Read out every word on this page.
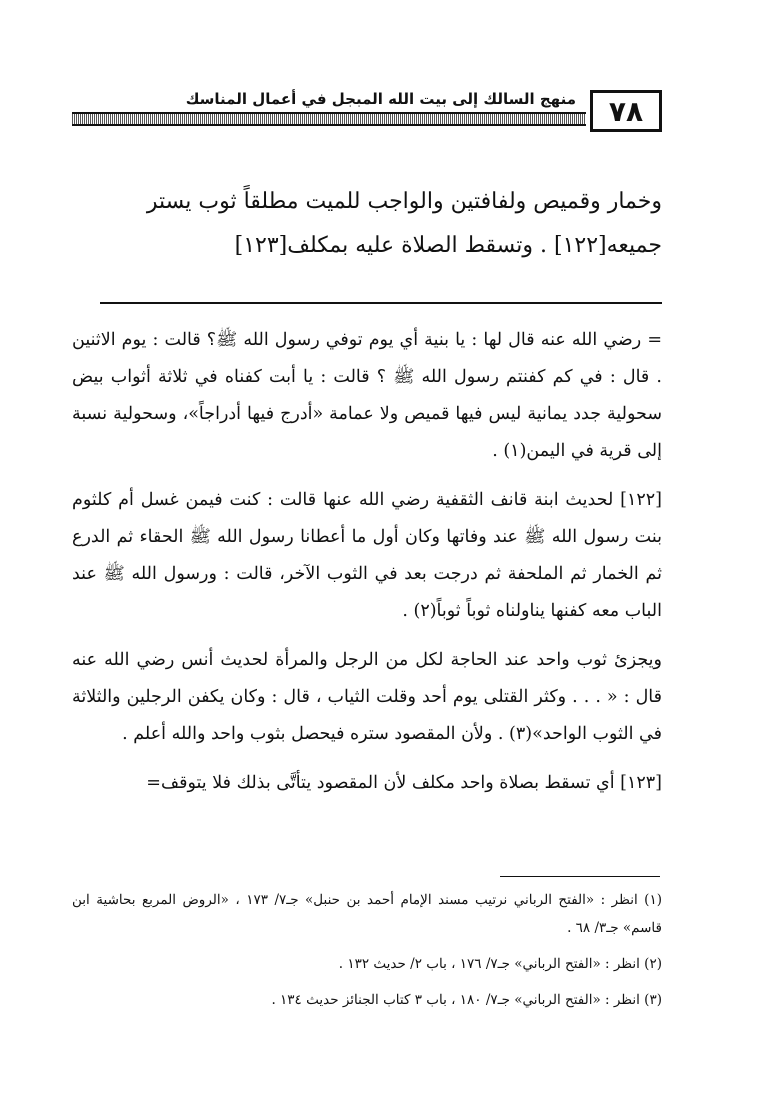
منهج السالك إلى بيت الله المبجل في أعمال المناسك	٧٨
وخمار وقميص ولفافتين والواجب للميت مطلقاً ثوب يستر
جميعه[١٢٢] . وتسقط الصلاة عليه بمكلف[١٢٣]

= رضي الله عنه قال لها : يا بنية أي يوم توفي رسول الله ﷺ؟ قالت : يوم الاثنين . قال : في كم كفنتم رسول الله ﷺ ؟ قالت : يا أبت كفناه في ثلاثة أثواب بيض سحولية جدد يمانية ليس فيها قميص ولا عمامة «أدرج فيها أدراجاً»، وسحولية نسبة إلى قرية في اليمن(١) .

[١٢٢] لحديث ابنة قانف الثقفية رضي الله عنها قالت : كنت فيمن غسل أم كلثوم بنت رسول الله ﷺ عند وفاتها وكان أول ما أعطانا رسول الله ﷺ الحقاء ثم الدرع ثم الخمار ثم الملحفة ثم درجت بعد في الثوب الآخر، قالت : ورسول الله ﷺ عند الباب معه كفنها يناولناه ثوباً ثوباً(٢) .

ويجزئ ثوب واحد عند الحاجة لكل من الرجل والمرأة لحديث أنس رضي الله عنه قال : « . . . وكثر القتلى يوم أحد وقلت الثياب ، قال : وكان يكفن الرجلين والثلاثة في الثوب الواحد»(٣) . ولأن المقصود ستره فيحصل بثوب واحد والله أعلم .

[١٢٣] أي تسقط بصلاة واحد مكلف لأن المقصود يتأتَّى بذلك فلا يتوقف=

(١) انظر : «الفتح الرباني نرتيب مسند الإمام أحمد بن حنبل» جـ٧/ ١٧٣ ، «الروض المربع بحاشية ابن قاسم» جـ٣/ ٦٨ .

(٢) انظر : «الفتح الرباني» جـ٧/ ١٧٦ ، باب ٢/ حديث ١٣٢ .

(٣) انظر : «الفتح الرباني» جـ٧/ ١٨٠ ، باب ٣ كتاب الجنائز حديث ١٣٤ .
